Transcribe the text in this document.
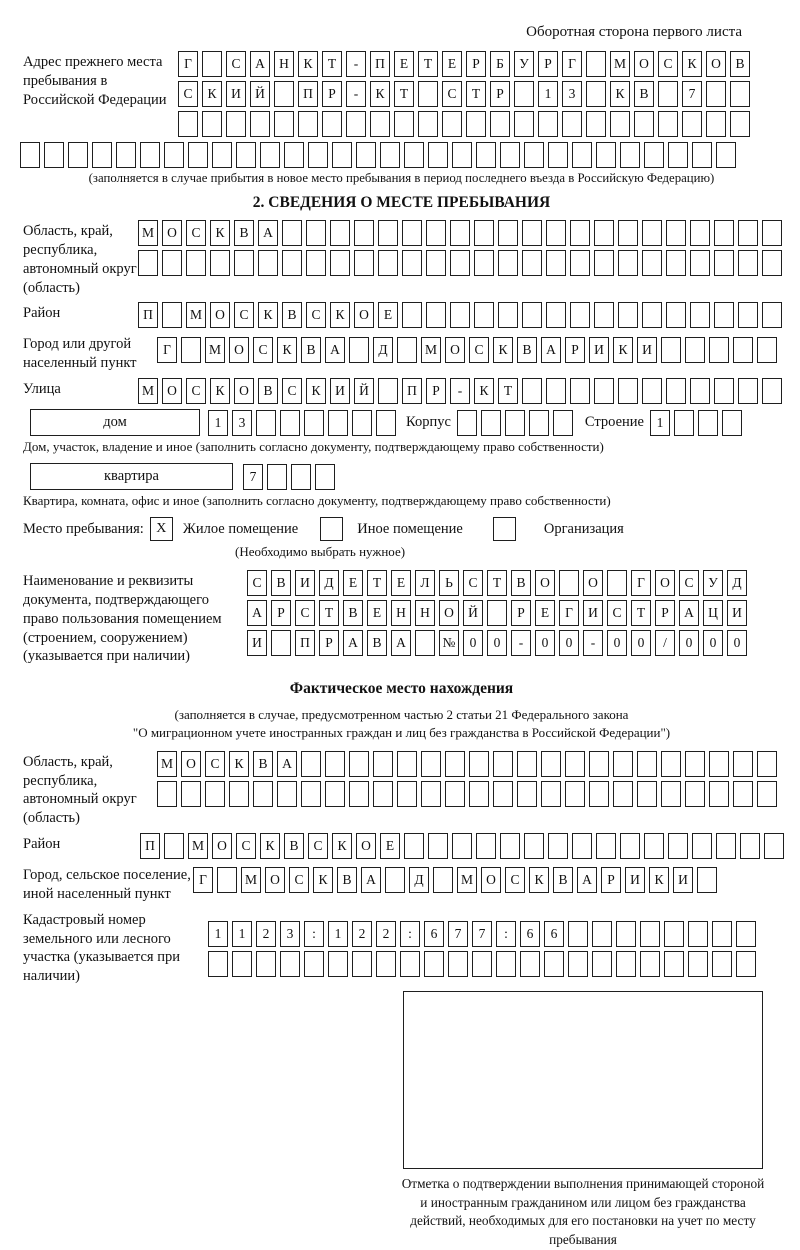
Оборотная сторона первого листа
Адрес прежнего места пребывания в Российской Федерации
Г	С	А	Н	К	Т	-	П	Е	Т	Е	Р	Б	У	Р	Г	М О	С	К	О	В
С	К	И	Й	П	Р	-	К	Т	С	Т	Р	1	3	К	В	7
(заполняется в случае прибытия в новое место пребывания в период последнего въезда в Российскую Федерацию)
2. СВЕДЕНИЯ О МЕСТЕ ПРЕБЫВАНИЯ
Область, край, республика, автономный округ (область)
М О	С	К	В	А
Район	П	М О	С	К	В	С	К	О	Е
Город или другой населенный пункт
Г	М О	С	К	В	А	Д	М О	С	К	В	А	Р	И	К	И
Улица	М О	С	К	О	В	С	К	И	Й	П	Р	-	К	Т
дом	1	3	Корпус	Строение 1
Дом, участок, владение и иное (заполнить согласно документу, подтверждающему право собственности)
квартира	7
Квартира, комната, офис и иное (заполнить согласно документу, подтверждающему право собственности)
Место пребывания: X	Жилое помещение	Иное помещение	Организация
(Необходимо выбрать нужное)
Наименование и реквизиты документа, подтверждающего право пользования помещением (строением, сооружением) (указывается при наличии)
С	В	И	Д	Е	Т	Е	Л	Ь	С	Т	В	О	О	Г	О	С	У	Д
А	Р	С	Т	В	Е	Н	Н	О	Й	Р	Е	Г	И	С	Т	Р	А	Ц	И
И	П	Р	А	В	А	№	0	0	-	0	0	-	0	0	/	0	0	0
Фактическое место нахождения
(заполняется в случае, предусмотренном частью 2 статьи 21 Федерального закона
"О миграционном учете иностранных граждан и лиц без гражданства в Российской Федерации")
Область, край, республика, автономный округ (область)
М О	С	К	В	А
Район	П	М О	С	К	В	С	К	О	Е
Город, сельское поселение, иной населенный пункт
Г	М О	С	К	В	А	Д	М О	С	К	В	А	Р	И	К	И
Кадастровый номер земельного или лесного участка (указывается при наличии)
1	1	2	3	:	1	2	2	:	6	7	7	:	6	6
Отметка о подтверждении выполнения принимающей стороной и иностранным гражданином или лицом без гражданства действий, необходимых для его постановки на учет по месту пребывания
